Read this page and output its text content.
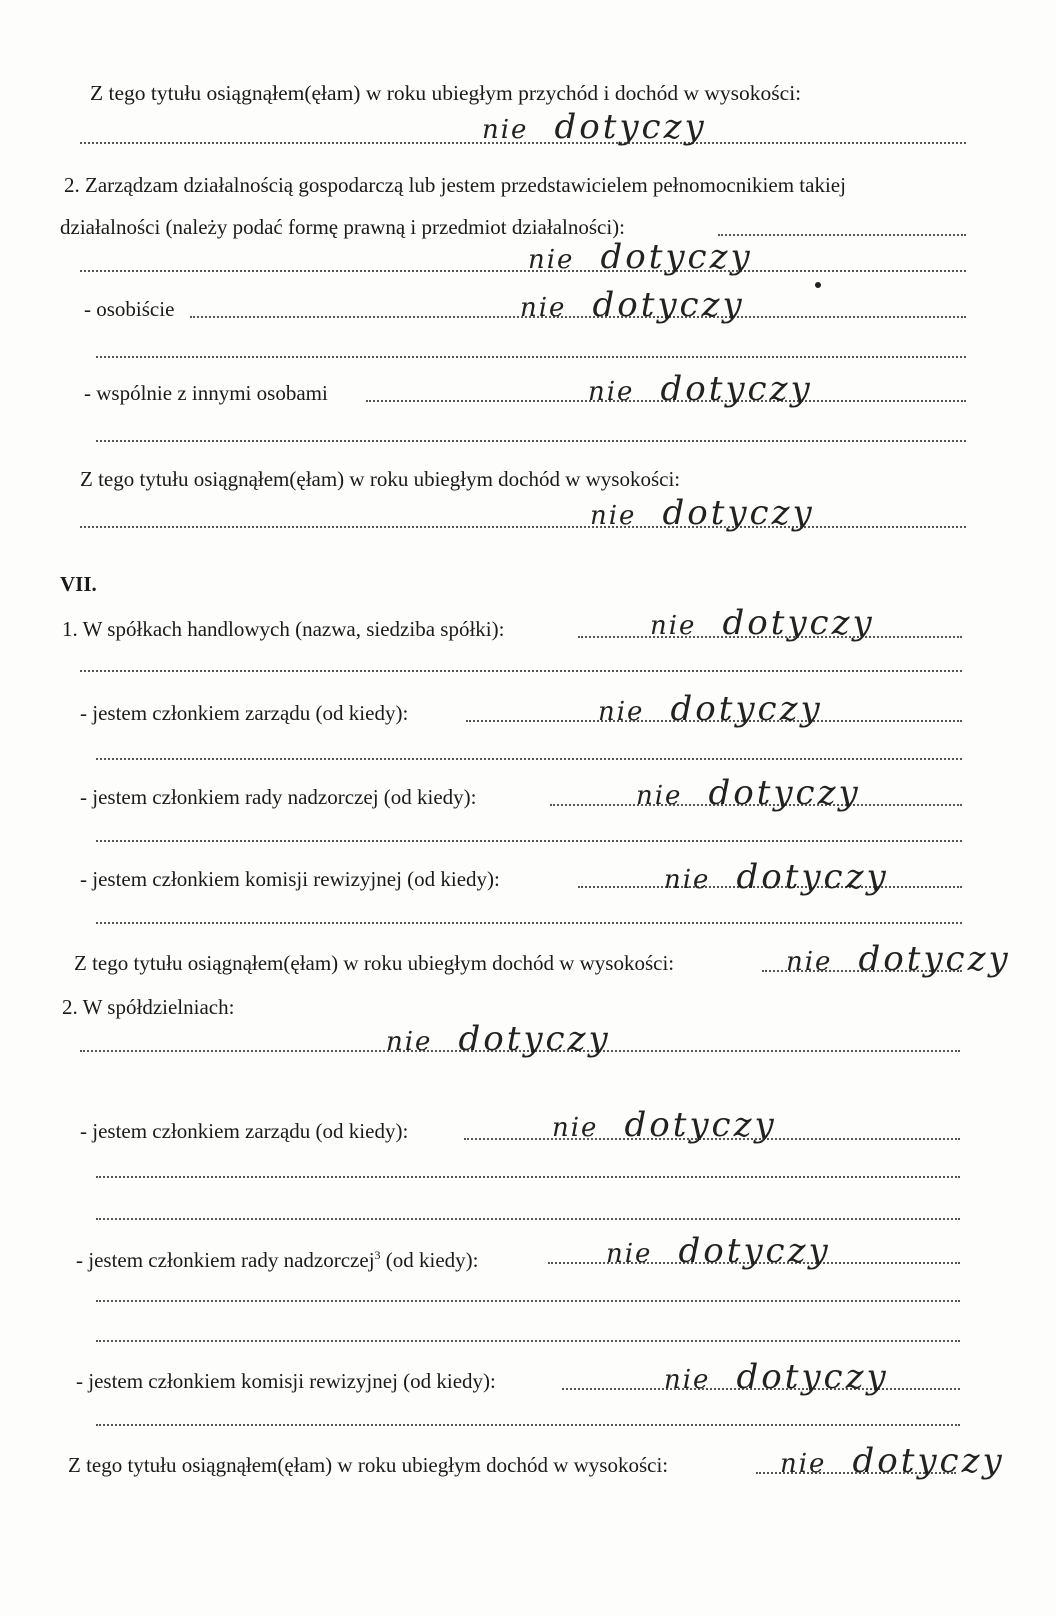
Z tego tytułu osiągnąłem(ęłam) w roku ubiegłym przychód i dochód w wysokości:
nie dotyczy
2. Zarządzam działalnością gospodarczą lub jestem przedstawicielem pełnomocnikiem takiej
działalności (należy podać formę prawną i przedmiot działalności):
nie dotyczy
- osobiście	nie dotyczy
- wspólnie z innymi osobami	nie dotyczy
Z tego tytułu osiągnąłem(ęłam) w roku ubiegłym dochód w wysokości:
nie dotyczy
VII.
1. W spółkach handlowych (nazwa, siedziba spółki):	nie dotyczy
- jestem członkiem zarządu (od kiedy):	nie dotyczy
- jestem członkiem rady nadzorczej (od kiedy):	nie dotyczy
- jestem członkiem komisji rewizyjnej (od kiedy):	nie dotyczy
Z tego tytułu osiągnąłem(ęłam) w roku ubiegłym dochód w wysokości:	nie dotyczy
2. W spółdzielniach:
nie dotyczy
- jestem członkiem zarządu (od kiedy):	nie dotyczy
- jestem członkiem rady nadzorczej$^3$ (od kiedy):	nie dotyczy
- jestem członkiem komisji rewizyjnej (od kiedy):	nie dotyczy
Z tego tytułu osiągnąłem(ęłam) w roku ubiegłym dochód w wysokości:	nie dotyczy
